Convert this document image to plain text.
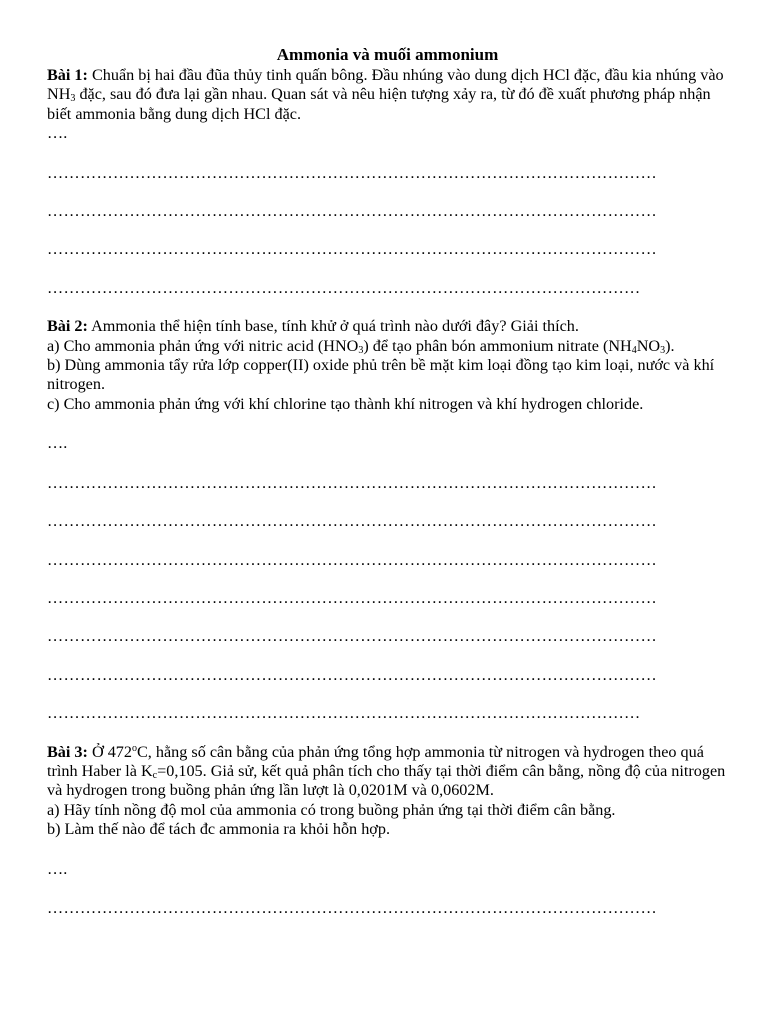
Ammonia và muối ammonium

Bài 1: Chuẩn bị hai đầu đũa thủy tinh quấn bông. Đầu nhúng vào dung dịch HCl đặc, đầu kia nhúng vào $NH_3$ đặc, sau đó đưa lại gần nhau. Quan sát và nêu hiện tượng xảy ra, từ đó đề xuất phương pháp nhận biết ammonia bằng dung dịch HCl đặc.

….

…………………………………………………………………………………………………

…………………………………………………………………………………………………

…………………………………………………………………………………………………

………………………………………………………………………………………………

Bài 2: Ammonia thể hiện tính base, tính khử ở quá trình nào dưới đây? Giải thích.

a) Cho ammonia phản ứng với nitric acid $(HNO_3)$ để tạo phân bón ammonium nitrate $(NH_4NO_3)$.

b) Dùng ammonia tẩy rửa lớp copper(II) oxide phủ trên bề mặt kim loại đồng tạo kim loại, nước và khí nitrogen.

c) Cho ammonia phản ứng với khí chlorine tạo thành khí nitrogen và khí hydrogen chloride.

….

…………………………………………………………………………………………………

…………………………………………………………………………………………………

…………………………………………………………………………………………………

…………………………………………………………………………………………………

…………………………………………………………………………………………………

…………………………………………………………………………………………………

………………………………………………………………………………………………

Bài 3: Ở 472$^o$C, hằng số cân bằng của phản ứng tổng hợp ammonia từ nitrogen và hydrogen theo quá trình Haber là $K_c=0,105$. Giả sử, kết quả phân tích cho thấy tại thời điểm cân bằng, nồng độ của nitrogen và hydrogen trong buồng phản ứng lần lượt là 0,0201M và 0,0602M.

a) Hãy tính nồng độ mol của ammonia có trong buồng phản ứng tại thời điểm cân bằng.

b) Làm thế nào để tách đc ammonia ra khỏi hỗn hợp.

….

…………………………………………………………………………………………………
